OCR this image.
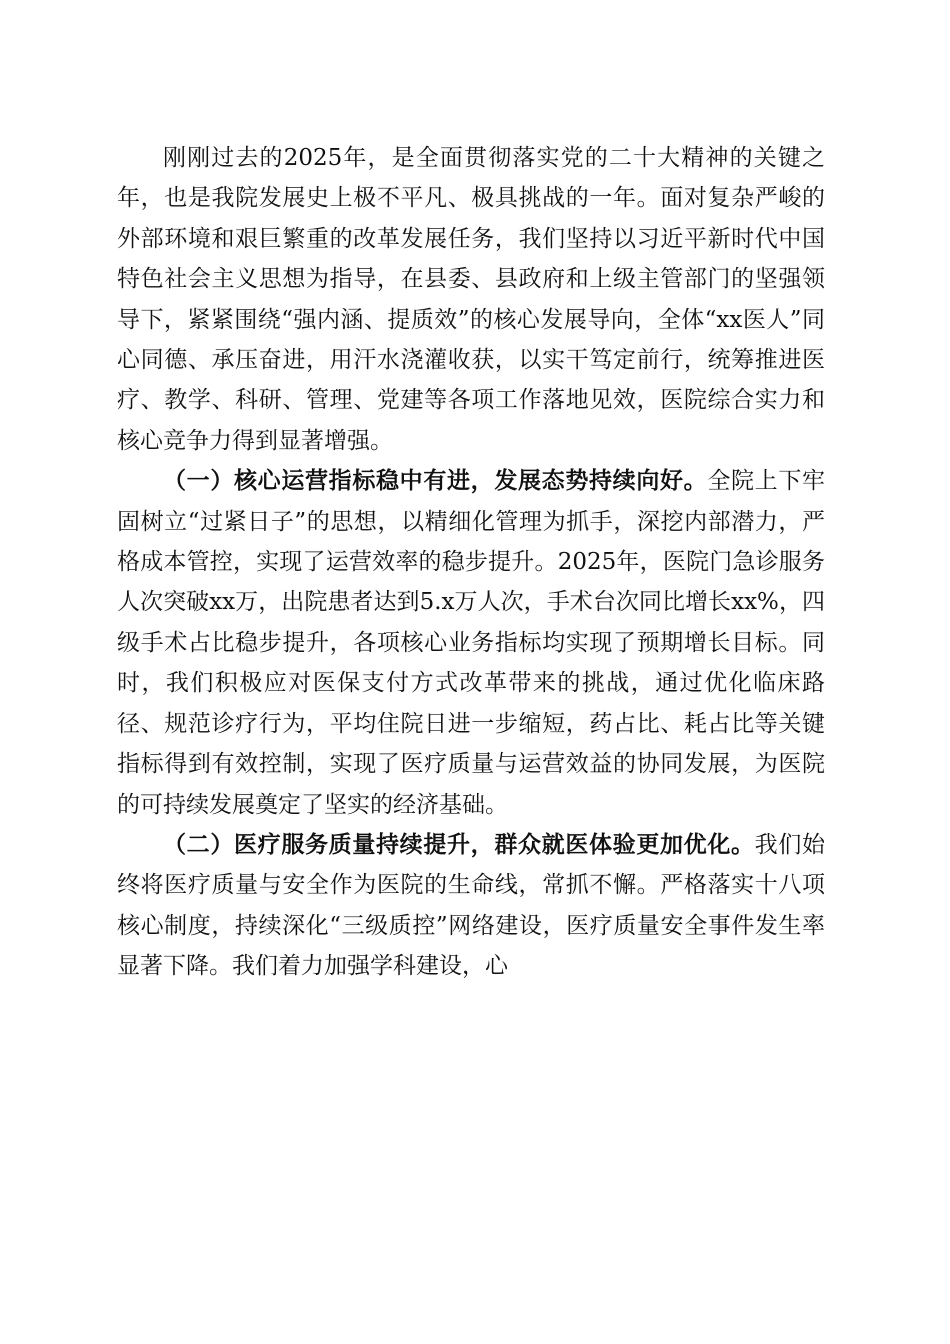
刚刚过去的2025年，是全面贯彻落实党的二十大精神的关键之年，也是我院发展史上极不平凡、极具挑战的一年。面对复杂严峻的外部环境和艰巨繁重的改革发展任务，我们坚持以习近平新时代中国特色社会主义思想为指导，在县委、县政府和上级主管部门的坚强领导下，紧紧围绕“强内涵、提质效”的核心发展导向，全体“xx医人”同心同德、承压奋进，用汗水浇灌收获，以实干笃定前行，统筹推进医疗、教学、科研、管理、党建等各项工作落地见效，医院综合实力和核心竞争力得到显著增强。

（一）核心运营指标稳中有进，发展态势持续向好。全院上下牢固树立“过紧日子”的思想，以精细化管理为抓手，深挖内部潜力，严格成本管控，实现了运营效率的稳步提升。2025年，医院门急诊服务人次突破xx万，出院患者达到5.x万人次，手术台次同比增长xx%，四级手术占比稳步提升，各项核心业务指标均实现了预期增长目标。同时，我们积极应对医保支付方式改革带来的挑战，通过优化临床路径、规范诊疗行为，平均住院日进一步缩短，药占比、耗占比等关键指标得到有效控制，实现了医疗质量与运营效益的协同发展，为医院的可持续发展奠定了坚实的经济基础。

（二）医疗服务质量持续提升，群众就医体验更加优化。我们始终将医疗质量与安全作为医院的生命线，常抓不懈。严格落实十八项核心制度，持续深化“三级质控”网络建设，医疗质量安全事件发生率显著下降。我们着力加强学科建设，心
